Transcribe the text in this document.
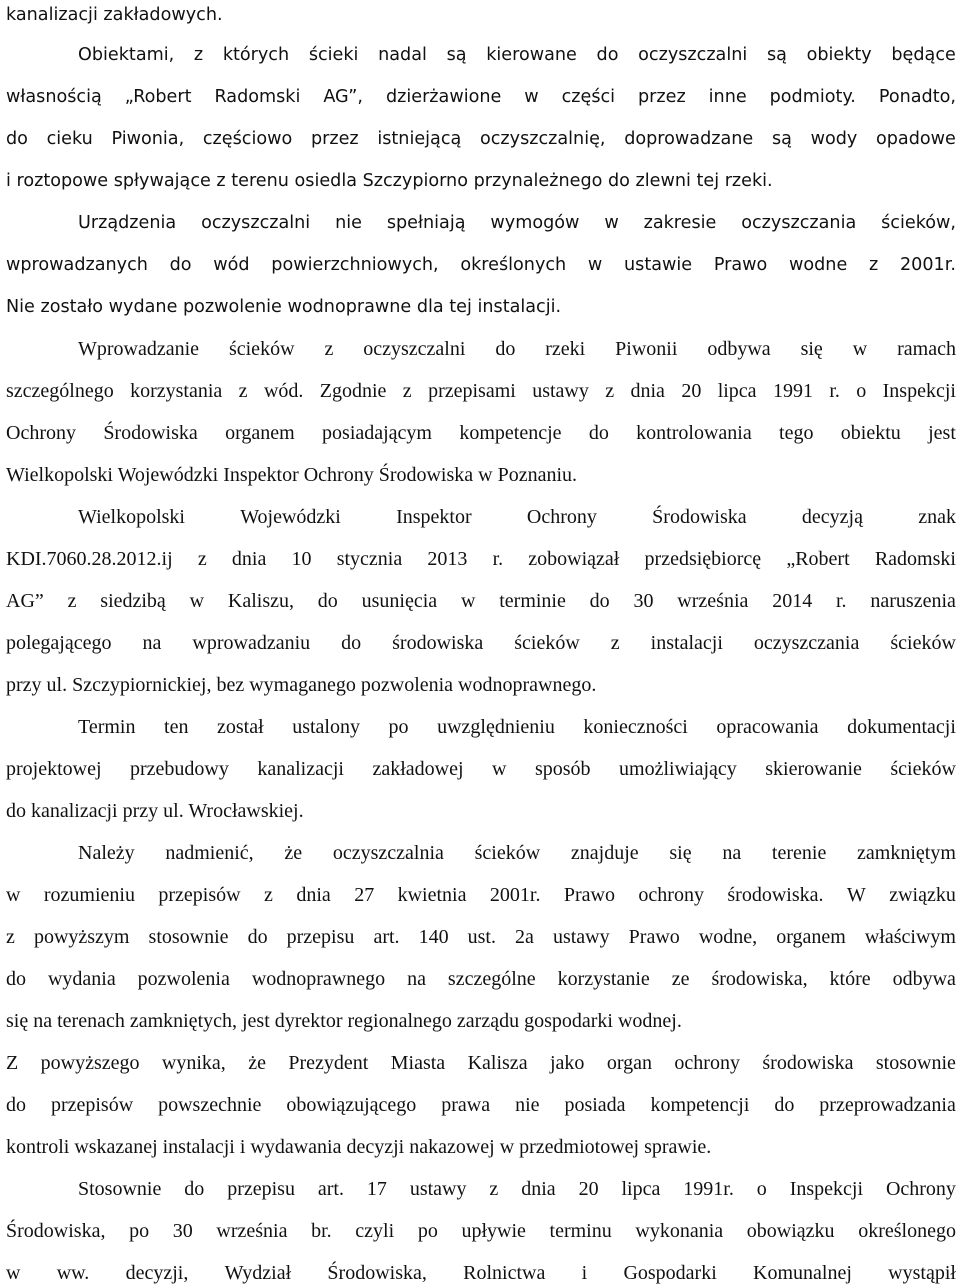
kanalizacji zakładowych.
Obiektami, z których ścieki nadal są kierowane do oczyszczalni są obiekty będące
własnością „Robert Radomski AG”, dzierżawione w części przez inne podmioty. Ponadto,
do cieku Piwonia, częściowo przez istniejącą oczyszczalnię, doprowadzane są wody opadowe
i roztopowe spływające z terenu osiedla Szczypiorno przynależnego do zlewni tej rzeki.
Urządzenia oczyszczalni nie spełniają wymogów w zakresie oczyszczania ścieków,
wprowadzanych do wód powierzchniowych, określonych w ustawie Prawo wodne z 2001r.
Nie zostało wydane pozwolenie wodnoprawne dla tej instalacji.
Wprowadzanie ścieków z oczyszczalni do rzeki Piwonii odbywa się w ramach
szczególnego korzystania z wód. Zgodnie z przepisami ustawy z dnia 20 lipca 1991 r. o Inspekcji
Ochrony Środowiska organem posiadającym kompetencje do kontrolowania tego obiektu jest
Wielkopolski Wojewódzki Inspektor Ochrony Środowiska w Poznaniu.
Wielkopolski	Wojewódzki	Inspektor	Ochrony	Środowiska	decyzją	znak
KDI.7060.28.2012.ij z dnia 10 stycznia 2013 r. zobowiązał przedsiębiorcę „Robert Radomski
AG” z siedzibą w Kaliszu, do usunięcia w terminie do 30 września 2014 r. naruszenia
polegającego na wprowadzaniu do środowiska ścieków z instalacji oczyszczania ścieków
przy ul. Szczypiornickiej, bez wymaganego pozwolenia wodnoprawnego.
Termin ten został ustalony po uwzględnieniu konieczności opracowania dokumentacji
projektowej przebudowy kanalizacji zakładowej w sposób umożliwiający skierowanie ścieków
do kanalizacji przy ul. Wrocławskiej.
Należy nadmienić, że oczyszczalnia ścieków znajduje się na terenie zamkniętym
w rozumieniu przepisów z dnia 27 kwietnia 2001r. Prawo ochrony środowiska. W związku
z powyższym stosownie do przepisu art. 140 ust. 2a ustawy Prawo wodne, organem właściwym
do wydania pozwolenia wodnoprawnego na szczególne korzystanie ze środowiska, które odbywa
się na terenach zamkniętych, jest dyrektor regionalnego zarządu gospodarki wodnej.
Z powyższego wynika, że Prezydent Miasta Kalisza jako organ ochrony środowiska stosownie
do przepisów powszechnie obowiązującego prawa nie posiada kompetencji do przeprowadzania
kontroli wskazanej instalacji i wydawania decyzji nakazowej w przedmiotowej sprawie.
Stosownie do przepisu art. 17 ustawy z dnia 20 lipca 1991r. o Inspekcji Ochrony
Środowiska, po 30 września br. czyli po upływie terminu wykonania obowiązku określonego
w ww. decyzji, Wydział Środowiska, Rolnictwa i Gospodarki Komunalnej wystąpił
